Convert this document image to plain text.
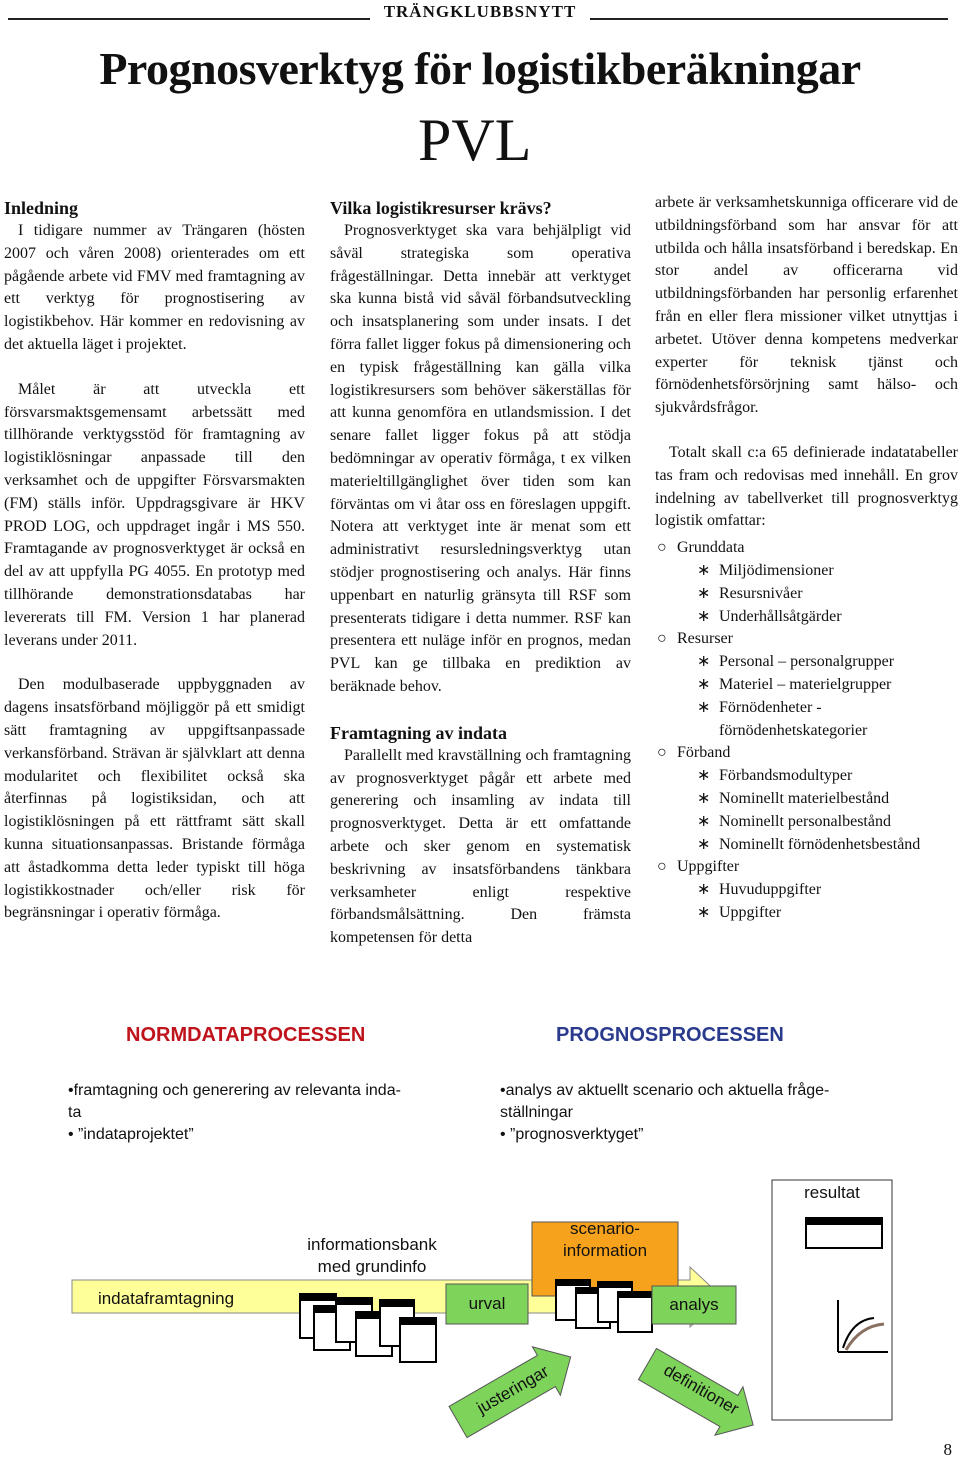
TRÄNGKLUBBSNYTT
Prognosverktyg för logistikberäkningar
PVL
Inledning

I tidigare nummer av Trängaren (hösten 2007 och våren 2008) orienterades om ett pågående arbete vid FMV med framtagning av ett verktyg för prognostisering av logistikbehov. Här kommer en redovisning av det aktuella läget i projektet.

Målet är att utveckla ett försvarsmaktsgemensamt arbetssätt med tillhörande verktygsstöd för framtagning av logistiklösningar anpassade till den verksamhet och de uppgifter Försvarsmakten (FM) ställs inför. Uppdragsgivare är HKV PROD LOG, och uppdraget ingår i MS 550. Framtagande av prognosverktyget är också en del av att uppfylla PG 4055. En prototyp med tillhörande demonstrationsdatabas har levererats till FM. Version 1 har planerad leverans under 2011.

Den modulbaserade uppbyggnaden av dagens insatsförband möjliggör på ett smidigt sätt framtagning av uppgiftsanpassade verkansförband. Strävan är självklart att denna modularitet och flexibilitet också ska återfinnas på logistiksidan, och att logistiklösningen på ett rättframt sätt skall kunna situationsanpassas. Bristande förmåga att åstadkomma detta leder typiskt till höga logistikkostnader och/eller risk för begränsningar i operativ förmåga.

Vilka logistikresurser krävs?

Prognosverktyget ska vara behjälpligt vid såväl strategiska som operativa frågeställningar. Detta innebär att verktyget ska kunna bistå vid såväl förbandsutveckling och insatsplanering som under insats. I det förra fallet ligger fokus på dimensionering och en typisk frågeställning kan gälla vilka logistikresursers som behöver säkerställas för att kunna genomföra en utlandsmission. I det senare fallet ligger fokus på att stödja bedömningar av operativ förmåga, t ex vilken materieltillgänglighet över tiden som kan förväntas om vi åtar oss en föreslagen uppgift. Notera att verktyget inte är menat som ett administrativt resursledningsverktyg utan stödjer prognostisering och analys. Här finns uppenbart en naturlig gränsyta till RSF som presenterats tidigare i detta nummer. RSF kan presentera ett nuläge inför en prognos, medan PVL kan ge tillbaka en prediktion av beräknade behov.

Framtagning av indata

Parallellt med kravställning och framtagning av prognosverktyget pågår ett arbete med generering och insamling av indata till prognosverktyget. Detta är ett omfattande arbete och sker genom en systematisk beskrivning av insatsförbandens tänkbara verksamheter enligt respektive förbandsmålsättning. Den främsta kompetensen för detta

arbete är verksamhetskunniga officerare vid de utbildningsförband som har ansvar för att utbilda och hålla insatsförband i beredskap. En stor andel av officerarna vid utbildningsförbanden har personlig erfarenhet från en eller flera missioner vilket utnyttjas i arbetet. Utöver denna kompetens medverkar experter för teknisk tjänst och förnödenhetsförsörjning samt hälso- och sjukvårdsfrågor.

Totalt skall c:a 65 definierade indatatabeller tas fram och redovisas med innehåll. En grov indelning av tabellverket till prognosverktyg logistik omfattar:

○ Grunddata
∗ Miljödimensioner
∗ Resursnivåer
∗ Underhållsåtgärder
○ Resurser
∗ Personal – personalgrupper
∗ Materiel – materielgrupper
∗ Förnödenheter - förnödenhetskategorier
○ Förband
∗ Förbandsmodultyper
∗ Nominellt materielbestånd
∗ Nominellt personalbestånd
∗ Nominellt förnödenhetsbestånd
○ Uppgifter
∗ Huvuduppgifter
∗ Uppgifter
NORMDATAPROCESSEN	PROGNOSPROCESSEN
•framtagning och generering av relevanta inda-
ta
• ”indataprojektet”
•analys av aktuellt scenario och aktuella fråge-
ställningar
• ”prognosverktyget”
indataframtagning
informationsbank
med grundinfo
urval
scenario-
information
analys
resultat
justeringar	definitioner
8
